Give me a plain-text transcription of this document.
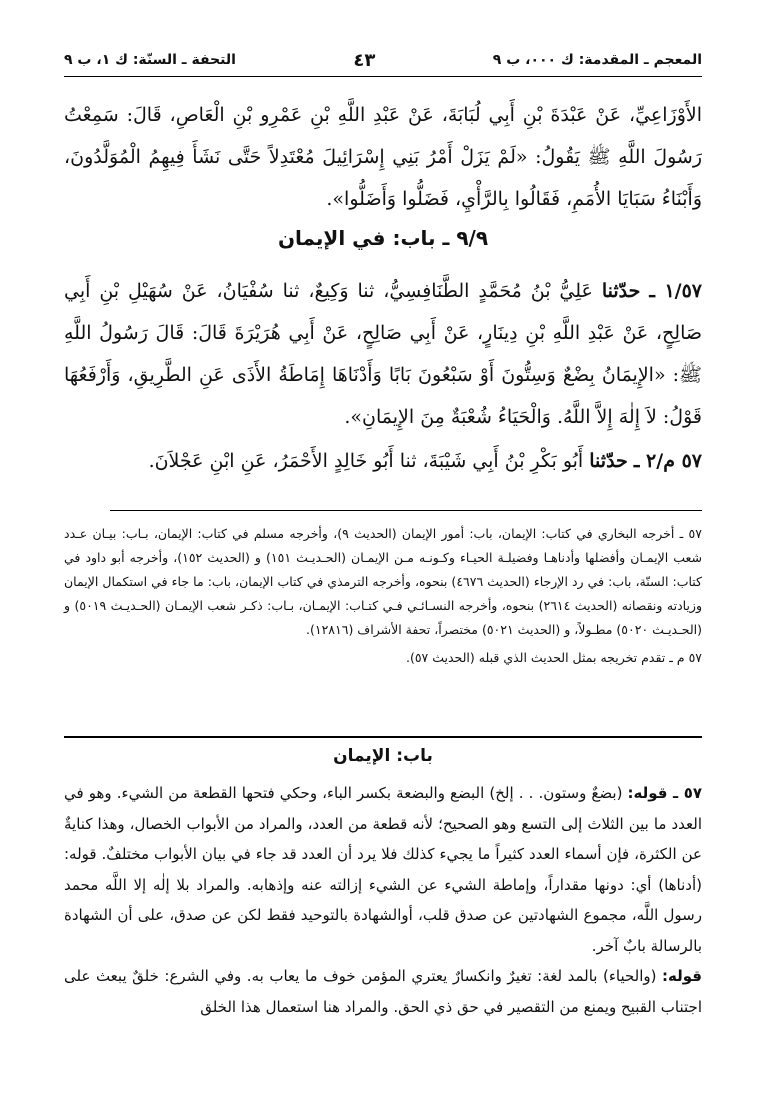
المعجم ـ المقدمة: ك ٠٠٠، ب ٩
٤٣
التحفة ـ السنّة: ك ١، ب ٩

الأَوْزَاعِيِّ، عَنْ عَبْدَةَ بْنِ أَبِي لُبَابَةَ، عَنْ عَبْدِ اللَّهِ بْنِ عَمْرِو بْنِ الْعَاصِ، قَالَ: سَمِعْتُ رَسُولَ اللَّهِ ﷺ يَقُولُ: «لَمْ يَزَلْ أَمْرُ بَنِي إِسْرَائِيلَ مُعْتَدِلاً حَتَّى نَشَأَ فِيهِمُ الْمُوَلَّدُونَ، وَأَبْنَاءُ سَبَايَا الأُمَمِ، فَقَالُوا بِالرَّأْيِ، فَضَلُّوا وَأَضَلُّوا».

٩/٩ ـ باب: في الإيمان

١/٥٧ ـ حدّثنا عَلِيُّ بْنُ مُحَمَّدٍ الطَّنَافِسِيُّ، ثنا وَكِيعٌ، ثنا سُفْيَانُ، عَنْ سُهَيْلِ بْنِ أَبِي صَالِحٍ، عَنْ عَبْدِ اللَّهِ بْنِ دِينَارٍ، عَنْ أَبِي صَالِحٍ، عَنْ أَبِي هُرَيْرَةَ قَالَ: قَالَ رَسُولُ اللَّهِ ﷺ: «الإِيمَانُ بِضْعٌ وَسِتُّونَ أَوْ سَبْعُونَ بَابًا وَأَدْنَاهَا إِمَاطَةُ الأَذَى عَنِ الطَّرِيقِ، وَأَرْفَعُهَا قَوْلُ: لاَ إِلٰهَ إِلاَّ اللَّهُ. وَالْحَيَاءُ شُعْبَةٌ مِنَ الإِيمَانِ».

٥٧ م/٢ ـ حدّثنا أَبُو بَكْرِ بْنُ أَبِي شَيْبَةَ، ثنا أَبُو خَالِدٍ الأَحْمَرُ، عَنِ ابْنِ عَجْلاَنَ.

٥٧ ـ أخرجه البخاري في كتاب: الإيمان، باب: أمور الإيمان (الحديث ٩)، وأخرجه مسلم في كتاب: الإيمان، بـاب: بيـان عـدد شعب الإيمـان وأفضلها وأدناهـا وفضيلـة الحيـاء وكـونـه مـن الإيمـان (الحـديـث ١٥١) و (الحديث ١٥٢)، وأخرجه أبو داود في كتاب: السنّة، باب: في رد الإرجاء (الحديث ٤٦٧٦) بنحوه، وأخرجه الترمذي في كتاب الإيمان، باب: ما جاء في استكمال الإيمان وزيادته ونقصانه (الحديث ٢٦١٤) بنحوه، وأخرجه النسـائـي فـي كتـاب: الإيمـان، بـاب: ذكـر شعب الإيمـان (الحـديـث ٥٠١٩) و (الحـديـث ٥٠٢٠) مطـولاً، و (الحديث ٥٠٢١) مختصراً، تحفة الأشراف (١٢٨١٦).

٥٧ م ـ تقدم تخريجه بمثل الحديث الذي قبله (الحديث ٥٧).

باب: الإيمان

٥٧ ـ قوله: (بضعٌ وستون. . . إلخ) البضع والبضعة بكسر الباء، وحكي فتحها القطعة من الشيء. وهو في العدد ما بين الثلاث إلى التسع وهو الصحيح؛ لأنه قطعة من العدد، والمراد من الأبواب الخصال، وهذا كنايةٌ عن الكثرة، فإن أسماء العدد كثيراً ما يجيء كذلك فلا يرد أن العدد قد جاء في بيان الأبواب مختلفٌ. قوله: (أدناها) أي: دونها مقداراً، وإماطة الشيء عن الشيء إزالته عنه وإذهابه. والمراد بلا إلٰه إلا اللَّه محمد رسول اللَّه، مجموع الشهادتين عن صدق قلب، أوالشهادة بالتوحيد فقط لكن عن صدق، على أن الشهادة بالرسالة بابٌ آخر.

قوله: (والحياء) بالمد لغة: تغيرٌ وانكسارٌ يعتري المؤمن خوف ما يعاب به. وفي الشرع: خلقٌ يبعث على اجتناب القبيح ويمنع من التقصير في حق ذي الحق. والمراد هنا استعمال هذا الخلق
